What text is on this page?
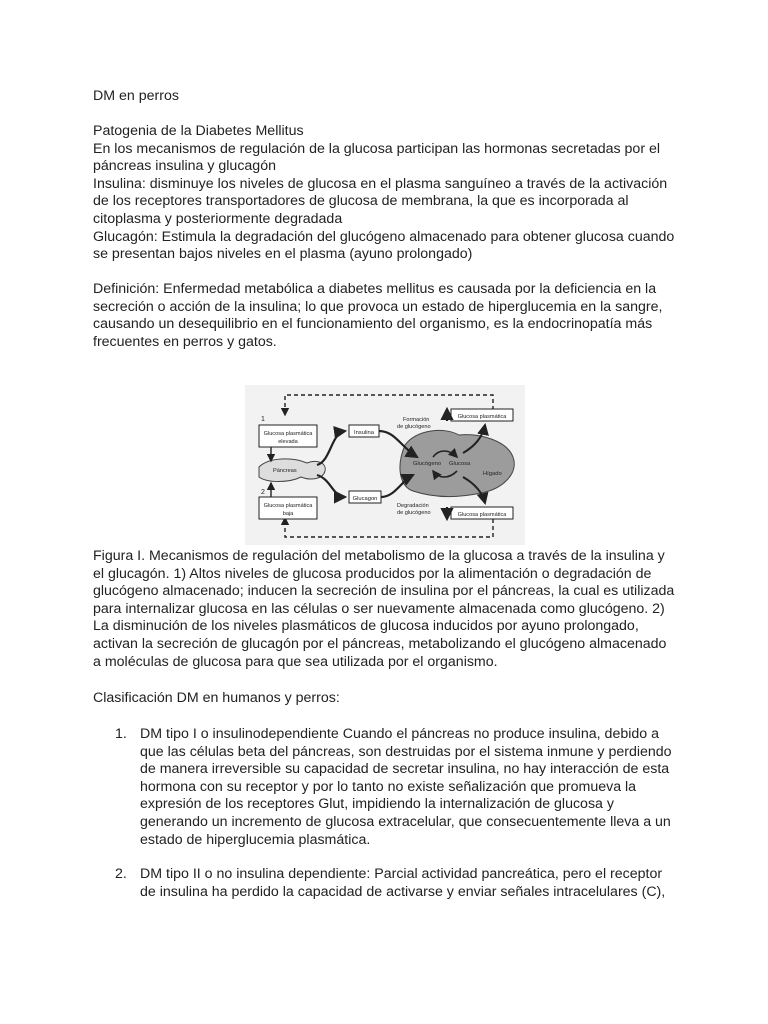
DM en perros

Patogenia de la Diabetes Mellitus

En los mecanismos de regulación de la glucosa participan las hormonas secretadas por el

páncreas insulina y glucagón

Insulina: disminuye los niveles de glucosa en el plasma sanguíneo a través de la activación

de los receptores transportadores de glucosa de membrana, la que es incorporada al

citoplasma y posteriormente degradada

Glucagón: Estimula la degradación del glucógeno almacenado para obtener glucosa cuando

se presentan bajos niveles en el plasma (ayuno prolongado)

Definición: Enfermedad metabólica a diabetes mellitus es causada por la deficiencia en la

secreción o acción de la insulina; lo que provoca un estado de hiperglucemia en la sangre,

causando un desequilibrio en el funcionamiento del organismo, es la endocrinopatía más

frecuentes en perros y gatos.

1
2
Glucosa plasmática
elevada
Glucosa plasmática
baja
Páncreas
Insulina
Glucagon
Glucógeno Glucosa
Hígado
Formación
de glucógeno
Degradación
de glucógeno
Glucosa plasmática
Glucosa plasmática

Figura I. Mecanismos de regulación del metabolismo de la glucosa a través de la insulina y

el glucagón. 1) Altos niveles de glucosa producidos por la alimentación o degradación de

glucógeno almacenado; inducen la secreción de insulina por el páncreas, la cual es utilizada

para internalizar glucosa en las células o ser nuevamente almacenada como glucógeno. 2)

La disminución de los niveles plasmáticos de glucosa inducidos por ayuno prolongado,

activan la secreción de glucagón por el páncreas, metabolizando el glucógeno almacenado

a moléculas de glucosa para que sea utilizada por el organismo.

Clasificación DM en humanos y perros:

1. DM tipo I o insulinodependiente Cuando el páncreas no produce insulina, debido a

que las células beta del páncreas, son destruidas por el sistema inmune y perdiendo

de manera irreversible su capacidad de secretar insulina, no hay interacción de esta

hormona con su receptor y por lo tanto no existe señalización que promueva la

expresión de los receptores Glut, impidiendo la internalización de glucosa y

generando un incremento de glucosa extracelular, que consecuentemente lleva a un

estado de hiperglucemia plasmática.

2. DM tipo II o no insulina dependiente: Parcial actividad pancreática, pero el receptor

de insulina ha perdido la capacidad de activarse y enviar señales intracelulares (C),
